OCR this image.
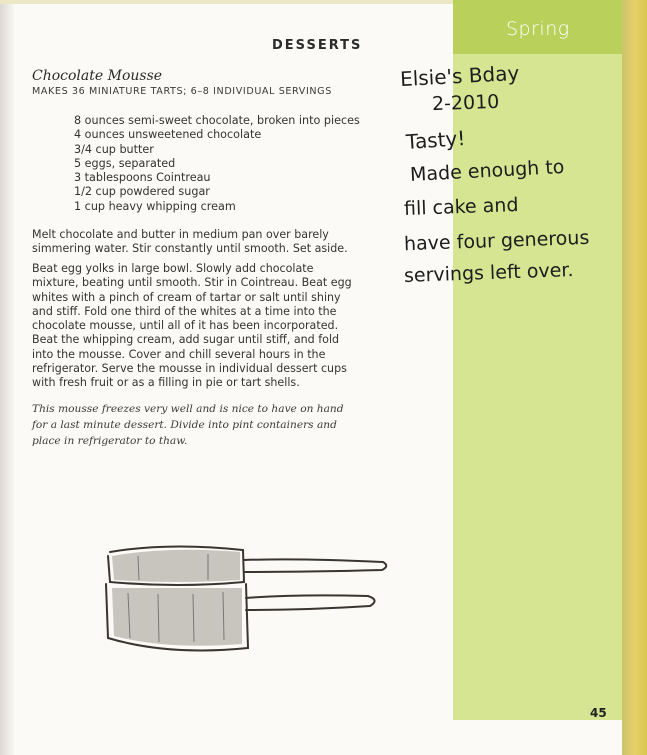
Spring
DESSERTS
Chocolate Mousse
MAKES 36 MINIATURE TARTS; 6–8 INDIVIDUAL SERVINGS
8 ounces semi-sweet chocolate, broken into pieces
4 ounces unsweetened chocolate
3/4 cup butter
5 eggs, separated
3 tablespoons Cointreau
1/2 cup powdered sugar
1 cup heavy whipping cream

Melt chocolate and butter in medium pan over barely simmering water. Stir constantly until smooth. Set aside.

Beat egg yolks in large bowl. Slowly add chocolate mixture, beating until smooth. Stir in Cointreau. Beat egg whites with a pinch of cream of tartar or salt until shiny and stiff. Fold one third of the whites at a time into the chocolate mousse, until all of it has been incorporated. Beat the whipping cream, add sugar until stiff, and fold into the mousse. Cover and chill several hours in the refrigerator. Serve the mousse in individual dessert cups with fresh fruit or as a filling in pie or tart shells.

This mousse freezes very well and is nice to have on hand for a last minute dessert. Divide into pint containers and place in refrigerator to thaw.

Elsie's Bday
2-2010
Tasty!
Made enough to
fill cake and
have four generous
servings left over.
45
